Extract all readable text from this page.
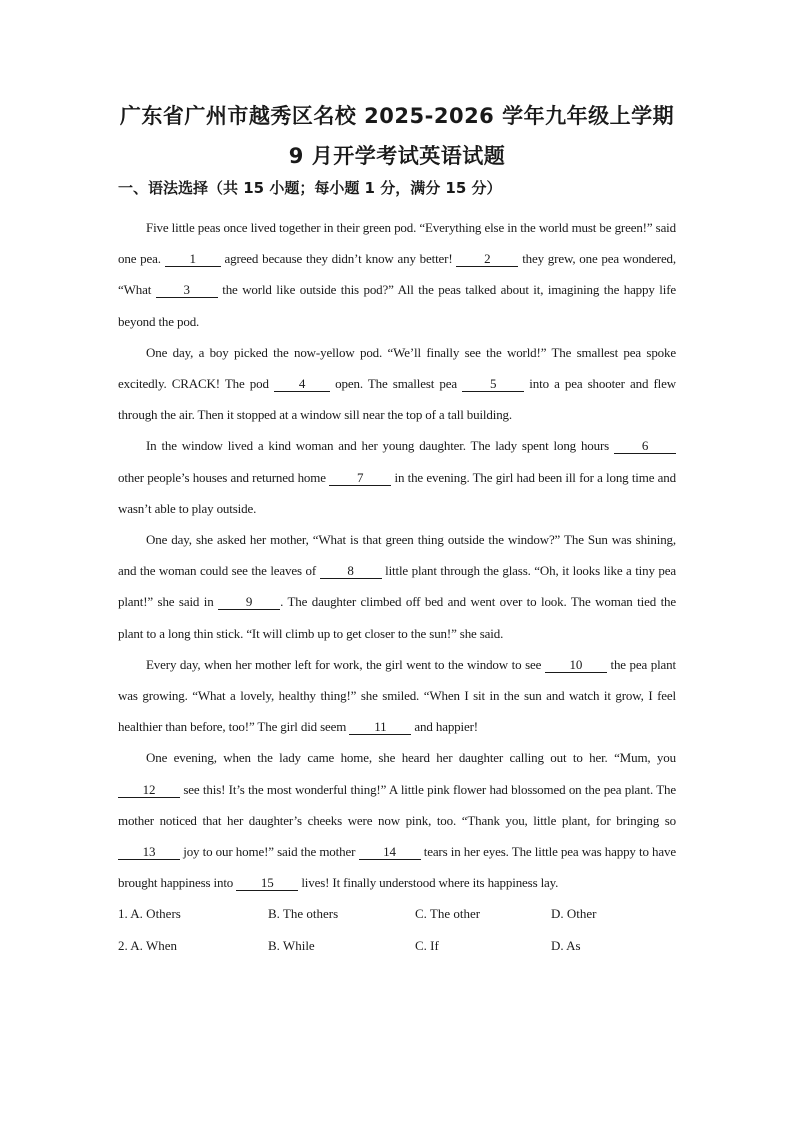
广东省广州市越秀区名校 2025-2026 学年九年级上学期
9 月开学考试英语试题
一、语法选择（共 15 小题；每小题 1 分，满分 15 分）

Five little peas once lived together in their green pod. “Everything else in the world must be green!” said one pea. 1 agreed because they didn’t know any better! 2 they grew, one pea wondered, “What 3 the world like outside this pod?” All the peas talked about it, imagining the happy life beyond the pod.

One day, a boy picked the now-yellow pod. “We’ll finally see the world!” The smallest pea spoke excitedly. CRACK! The pod 4 open. The smallest pea 5 into a pea shooter and flew through the air. Then it stopped at a window sill near the top of a tall building.

In the window lived a kind woman and her young daughter. The lady spent long hours 6 other people’s houses and returned home 7 in the evening. The girl had been ill for a long time and wasn’t able to play outside.

One day, she asked her mother, “What is that green thing outside the window?” The Sun was shining, and the woman could see the leaves of 8 little plant through the glass. “Oh, it looks like a tiny pea plant!” she said in 9 . The daughter climbed off bed and went over to look. The woman tied the plant to a long thin stick. “It will climb up to get closer to the sun!” she said.

Every day, when her mother left for work, the girl went to the window to see 10 the pea plant was growing. “What a lovely, healthy thing!” she smiled. “When I sit in the sun and watch it grow, I feel healthier than before, too!” The girl did seem 11 and happier!

One evening, when the lady came home, she heard her daughter calling out to her. “Mum, you 12 see this! It’s the most wonderful thing!” A little pink flower had blossomed on the pea plant. The mother noticed that her daughter’s cheeks were now pink, too. “Thank you, little plant, for bringing so 13 joy to our home!” said the mother 14 tears in her eyes. The little pea was happy to have brought happiness into 15 lives! It finally understood where its happiness lay.

1. A. Others	B. The others	C. The other	D. Other
2. A. When	B. While	C. If	D. As
